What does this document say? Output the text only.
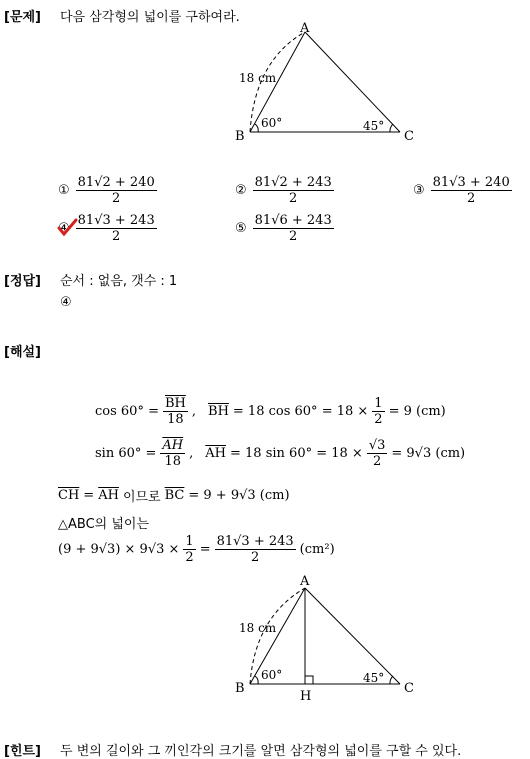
[문제] 다음 삼각형의 넓이를 구하여라.
A
B	C
18 cm
60°	45°
① $\frac{81√2 + 240}{2}$	② $\frac{81√2 + 243}{2}$	③ $\frac{81√3 + 240}{2}$
④ $\frac{81√3 + 243}{2}$	⑤ $\frac{81√6 + 243}{2}$
[정답] 순서 : 없음, 갯수 : 1
④
[해설]
$\cos 60^\circ = \frac{\overline{BH}}{18}$ , $\overline{BH} = 18$ $\cos 60^\circ = 18 \times \frac{1}{2} = 9$ (cm)
$\sin 60^\circ = \frac{\overline{AH}}{18}$ , $\overline{AH} = 18$ $\sin 60^\circ = 18 \times \frac{√3}{2} = 9√3$ (cm)
$\overline{CH} = \overline{AH}$ 이므로 $\overline{BC} = 9 + 9√3$ (cm)
△ABC의 넓이는
$(9 + 9√3) \times 9√3 \times \frac{1}{2} = \frac{81√3 + 243}{2} (cm^2)$
A
B	C
H
18 cm
60°	45°
[힌트] 두 변의 길이와 그 끼인각의 크기를 알면 삼각형의 넓이를 구할 수 있다.
